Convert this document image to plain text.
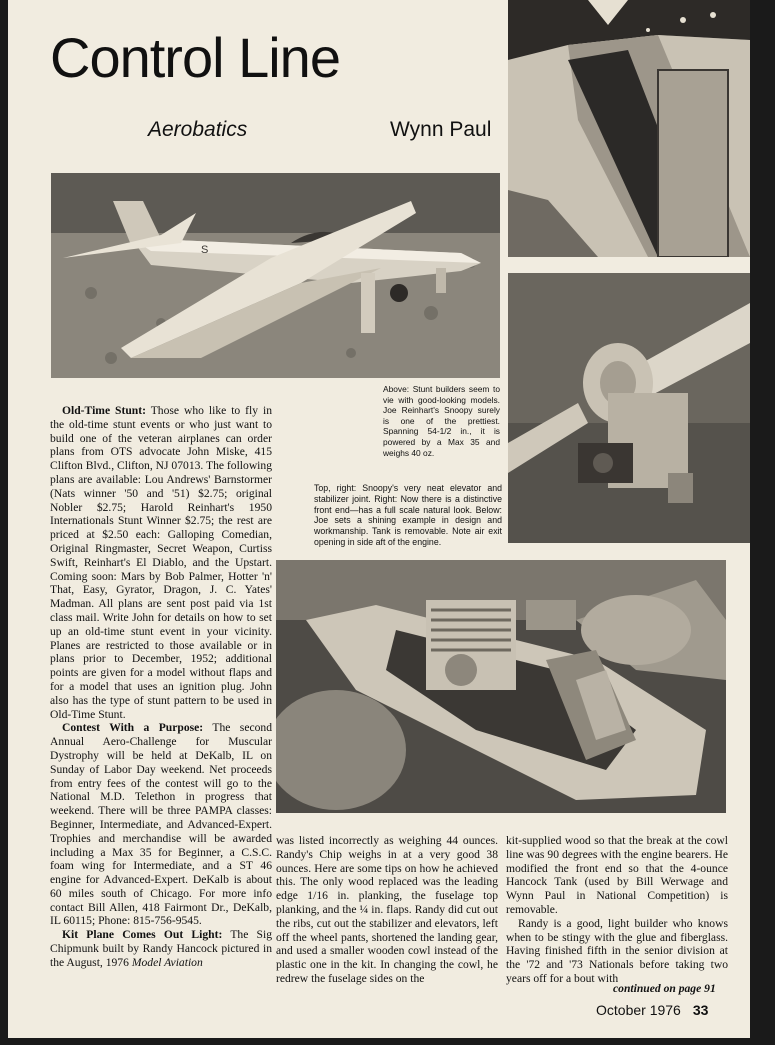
Control Line
Aerobatics	Wynn Paul
S
Above: Stunt builders seem to vie with good-looking models. Joe Reinhart's Snoopy surely is one of the prettiest. Spanning 54-1/2 in., it is powered by a Max 35 and weighs 40 oz.
Top, right: Snoopy's very neat elevator and stabilizer joint. Right: Now there is a distinctive front end—has a full scale natural look. Below: Joe sets a shining example in design and workmanship. Tank is removable. Note air exit opening in side aft of the engine.

Old-Time Stunt: Those who like to fly in the old-time stunt events or who just want to build one of the veteran airplanes can order plans from OTS advocate John Miske, 415 Clifton Blvd., Clifton, NJ 07013. The following plans are available: Lou Andrews' Barnstormer (Nats winner '50 and '51) $2.75; original Nobler $2.75; Harold Reinhart's 1950 Internationals Stunt Winner $2.75; the rest are priced at $2.50 each: Galloping Comedian, Original Ringmaster, Secret Weapon, Curtiss Swift, Reinhart's El Diablo, and the Upstart. Coming soon: Mars by Bob Palmer, Hotter 'n' That, Easy, Gyrator, Dragon, J. C. Yates' Madman. All plans are sent post paid via 1st class mail. Write John for details on how to set up an old-time stunt event in your vicinity. Planes are restricted to those available or in plans prior to December, 1952; additional points are given for a model without flaps and for a model that uses an ignition plug. John also has the type of stunt pattern to be used in Old-Time Stunt.

Contest With a Purpose: The second Annual Aero-Challenge for Muscular Dystrophy will be held at DeKalb, IL on Sunday of Labor Day weekend. Net proceeds from entry fees of the contest will go to the National M.D. Telethon in progress that weekend. There will be three PAMPA classes: Beginner, Intermediate, and Advanced-Expert. Trophies and merchandise will be awarded including a Max 35 for Beginner, a C.S.C. foam wing for Intermediate, and a ST 46 engine for Advanced-Expert. DeKalb is about 60 miles south of Chicago. For more info contact Bill Allen, 418 Fairmont Dr., DeKalb, IL 60115; Phone: 815-756-9545.

Kit Plane Comes Out Light: The Sig Chipmunk built by Randy Hancock pictured in the August, 1976 Model Aviation

was listed incorrectly as weighing 44 ounces. Randy's Chip weighs in at a very good 38 ounces. Here are some tips on how he achieved this. The only wood replaced was the leading edge 1/16 in. planking, the fuselage top planking, and the ¼ in. flaps. Randy did cut out the ribs, cut out the stabilizer and elevators, left off the wheel pants, shortened the landing gear, and used a smaller wooden cowl instead of the plastic one in the kit. In changing the cowl, he redrew the fuselage sides on the

kit-supplied wood so that the break at the cowl line was 90 degrees with the engine bearers. He modified the front end so that the 4-ounce Hancock Tank (used by Bill Werwage and Wynn Paul in National Competition) is removable.

Randy is a good, light builder who knows when to be stingy with the glue and fiberglass. Having finished fifth in the senior division at the '72 and '73 Nationals before taking two years off for a bout with

continued on page 91
October 1976 33
